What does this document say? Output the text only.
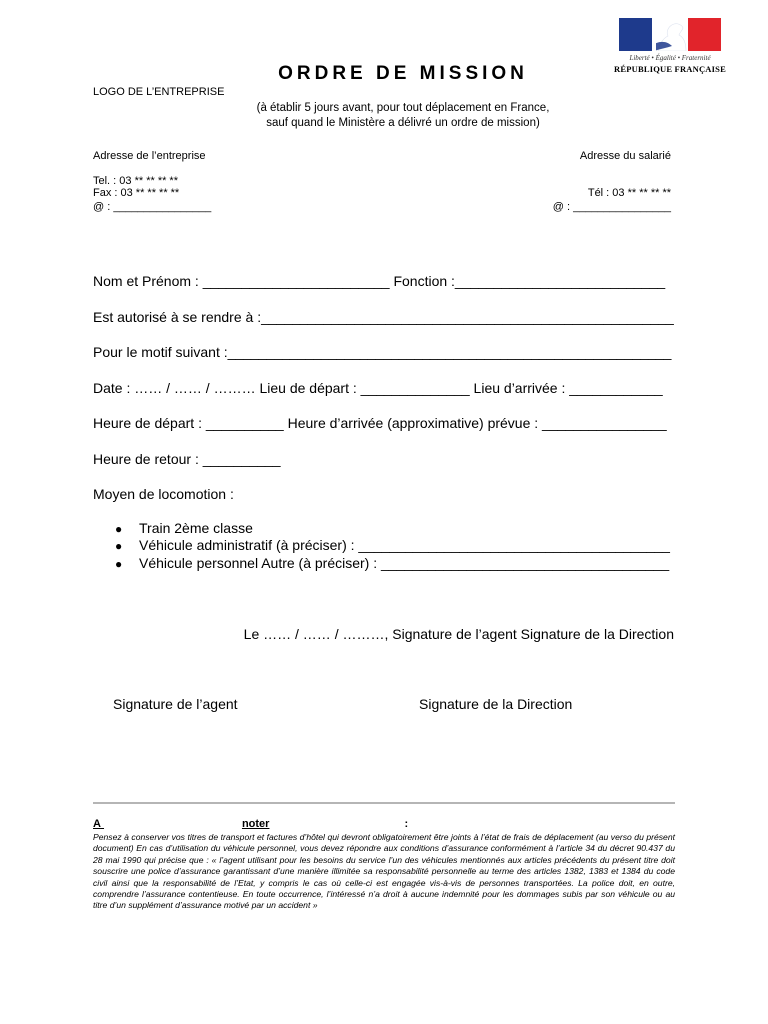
Liberté • Égalité • Fraternité
RÉPUBLIQUE FRANÇAISE
ORDRE DE MISSION
LOGO DE L’ENTREPRISE
(à établir 5 jours avant, pour tout déplacement en France,
sauf quand le Ministère a délivré un ordre de mission)
Adresse de l’entreprise
Tel. : 03 ** ** ** **
Fax : 03 ** ** ** **
@ : ________________
Adresse du salarié
Tél : 03 ** ** ** **
@ : ________________
Nom et Prénom : ________________________ Fonction :___________________________
Est autorisé à se rendre à :_____________________________________________________
Pour le motif suivant :_________________________________________________________
Date : …… / …… / ……… Lieu de départ : ______________ Lieu d’arrivée : ____________
Heure de départ : __________ Heure d’arrivée (approximative) prévue : ________________
Heure de retour : __________
Moyen de locomotion :
● Train 2ème classe
● Véhicule administratif (à préciser) : ________________________________________
● Véhicule personnel Autre (à préciser) : _____________________________________
Le …… / …… / ………, Signature de l’agent Signature de la Direction
Signature de l’agent	Signature de la Direction
A	noter	:
Pensez à conserver vos titres de transport et factures d’hôtel qui devront obligatoirement être joints à l’état de frais de déplacement (au verso du présent document) En cas d’utilisation du véhicule personnel, vous devez répondre aux conditions d’assurance conformément à l’article 34 du décret 90.437 du 28 mai 1990 qui précise que : « l’agent utilisant pour les besoins du service l’un des véhicules mentionnés aux articles précédents du présent titre doit souscrire une police d’assurance garantissant d’une manière illimitée sa responsabilité personnelle au terme des articles 1382, 1383 et 1384 du code civil ainsi que la responsabilité de l’Etat, y compris le cas où celle-ci est engagée vis-à-vis de personnes transportées. La police doit, en outre, comprendre l’assurance contentieuse. En toute occurrence, l’intéressé n’a droit à aucune indemnité pour les dommages subis par son véhicule ou au titre d’un supplément d’assurance motivé par un accident »
